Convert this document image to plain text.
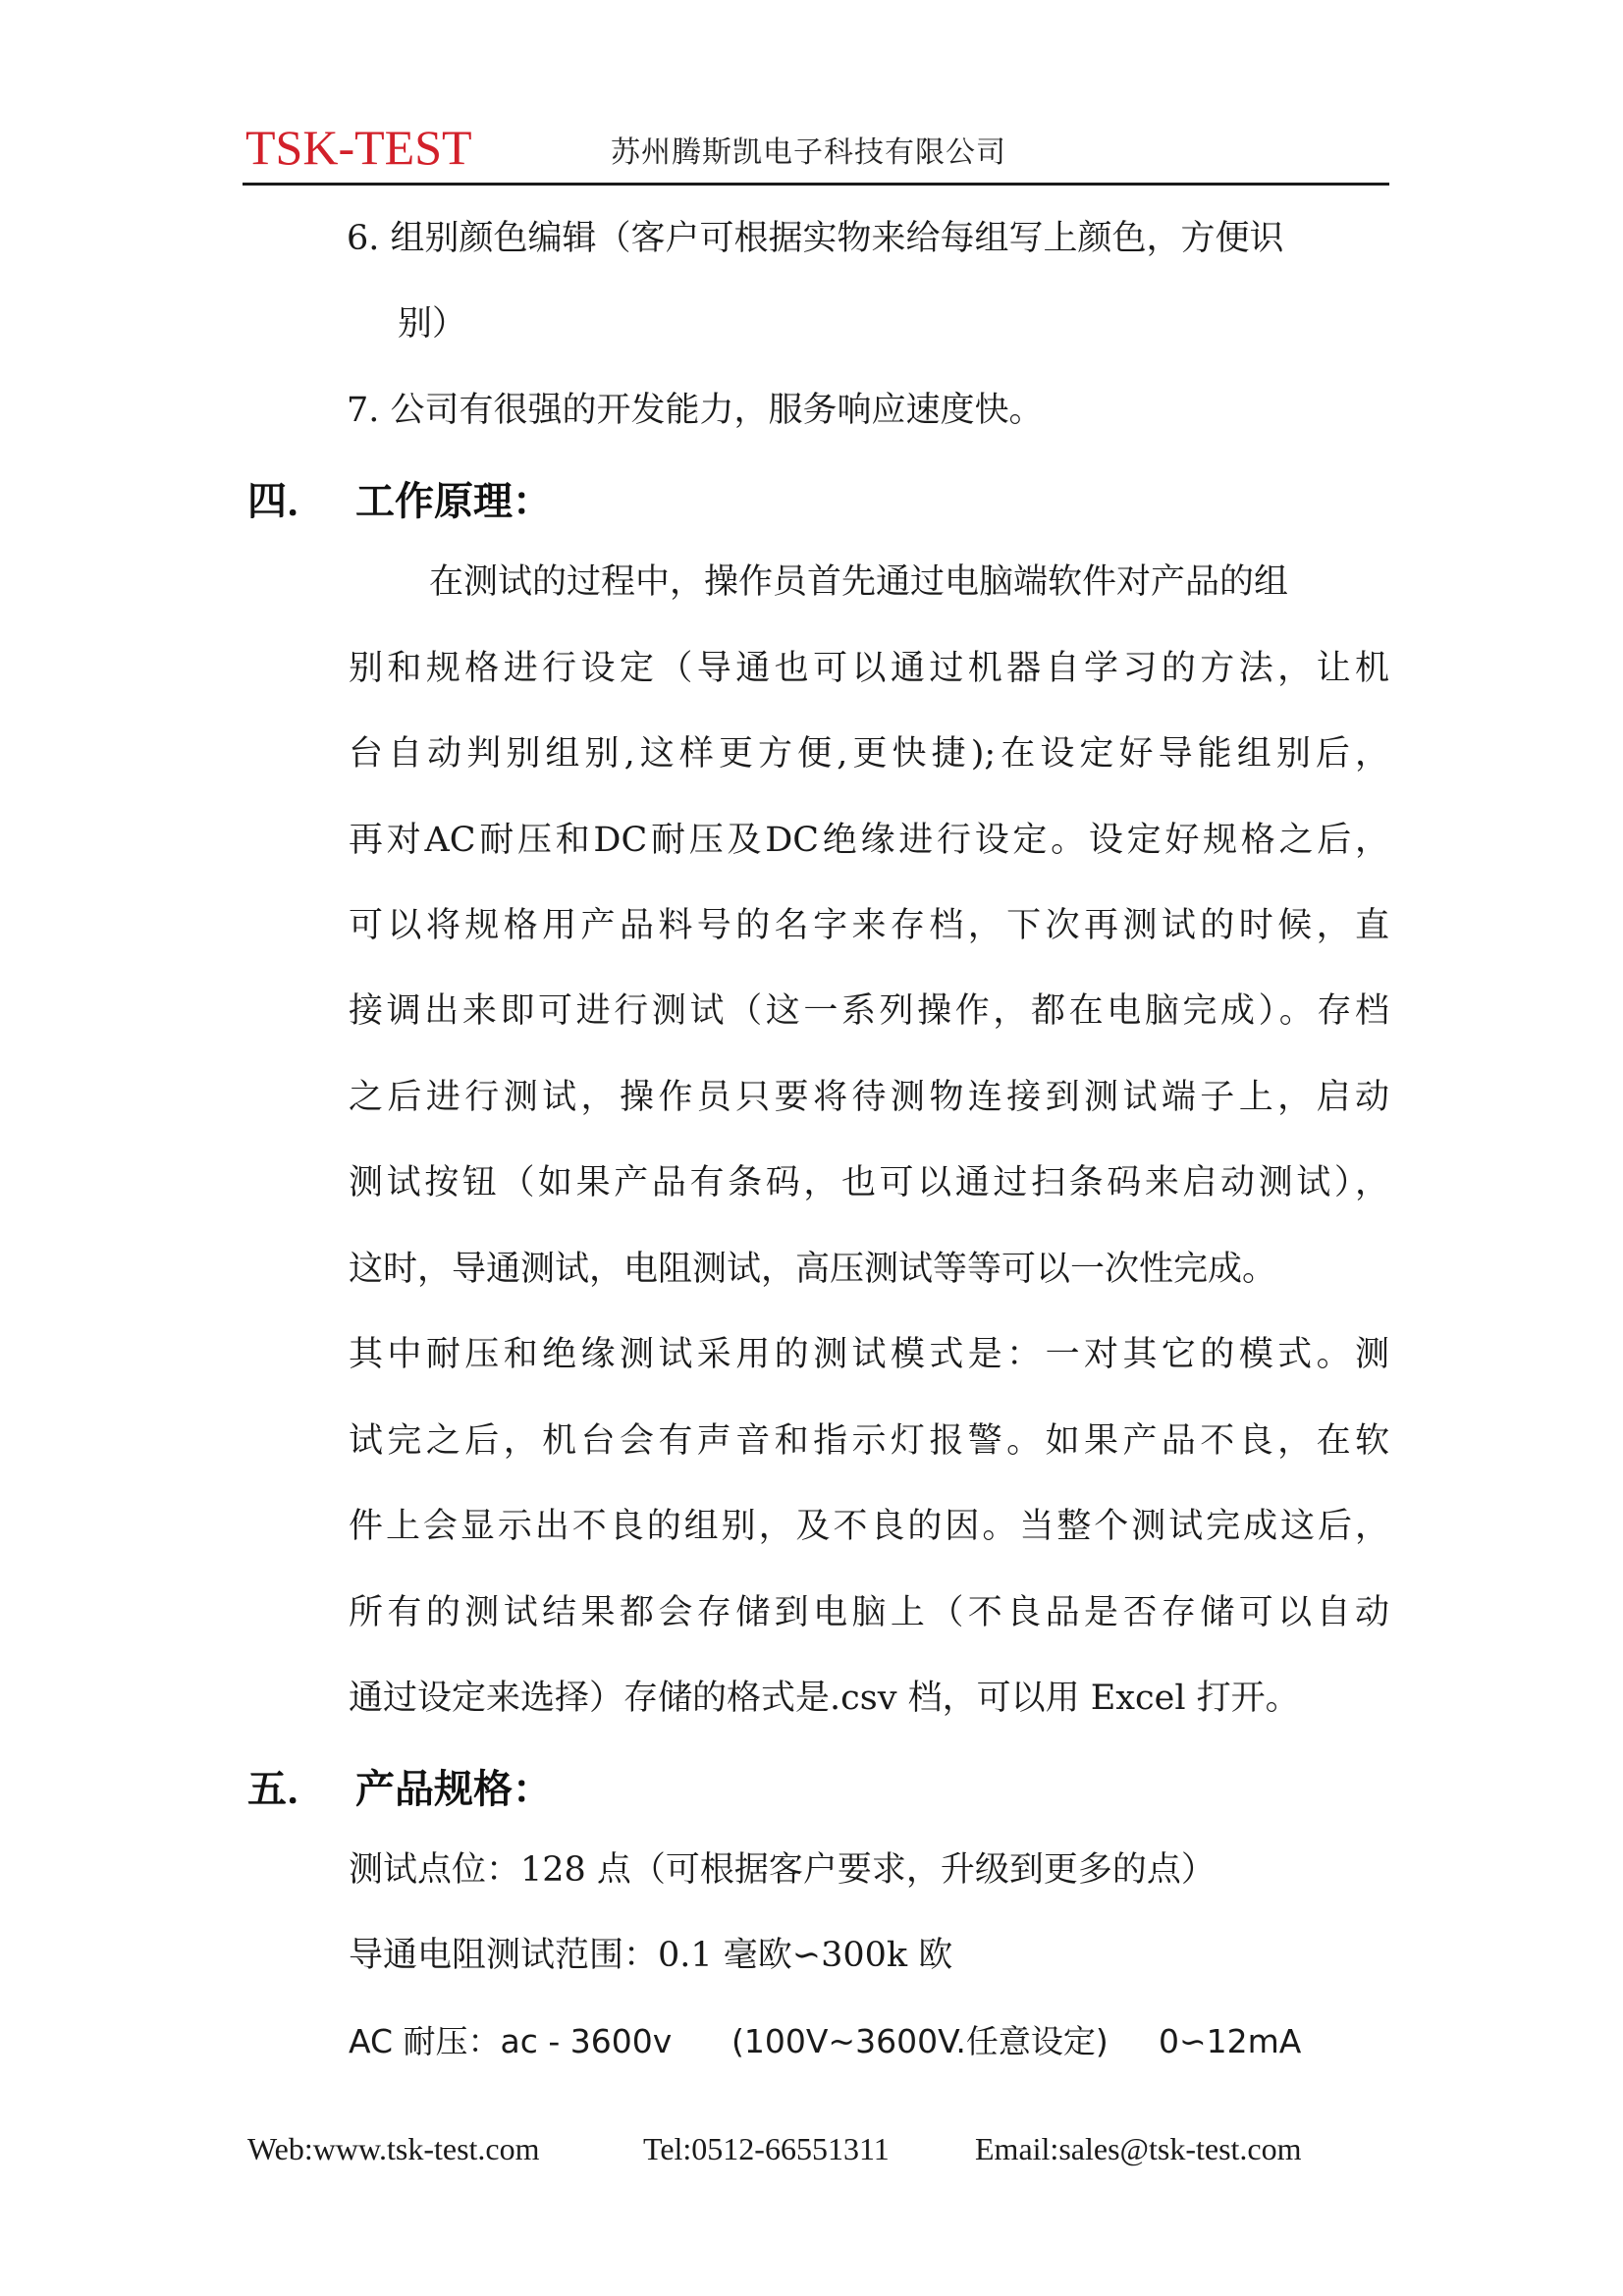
TSK-TEST	苏州腾斯凯电子科技有限公司
6. 组别颜色编辑（客户可根据实物来给每组写上颜色，方便识
别）
7. 公司有很强的开发能力，服务响应速度快。
四． 工作原理：
在测试的过程中，操作员首先通过电脑端软件对产品的组
别和规格进行设定（导通也可以通过机器自学习的方法，让机
台自动判别组别,这样更方便,更快捷);在设定好导能组别后，
再对AC耐压和DC耐压及DC绝缘进行设定。设定好规格之后，
可以将规格用产品料号的名字来存档，下次再测试的时候，直
接调出来即可进行测试（这一系列操作，都在电脑完成）。存档
之后进行测试，操作员只要将待测物连接到测试端子上，启动
测试按钮（如果产品有条码，也可以通过扫条码来启动测试），
这时，导通测试，电阻测试，高压测试等等可以一次性完成。
其中耐压和绝缘测试采用的测试模式是：一对其它的模式。测
试完之后，机台会有声音和指示灯报警。如果产品不良，在软
件上会显示出不良的组别，及不良的因。当整个测试完成这后，
所有的测试结果都会存储到电脑上（不良品是否存储可以自动
通过设定来选择）存储的格式是.csv 档，可以用 Excel 打开。
五． 产品规格：
测试点位：128 点（可根据客户要求，升级到更多的点）
导通电阻测试范围：0.1 毫欧∽300k 欧
AC 耐压：ac - 3600v (100V~3600V.任意设定) 0∽12mA
Web:www.tsk-test.com	Tel:0512-66551311	Email:sales@tsk-test.com
